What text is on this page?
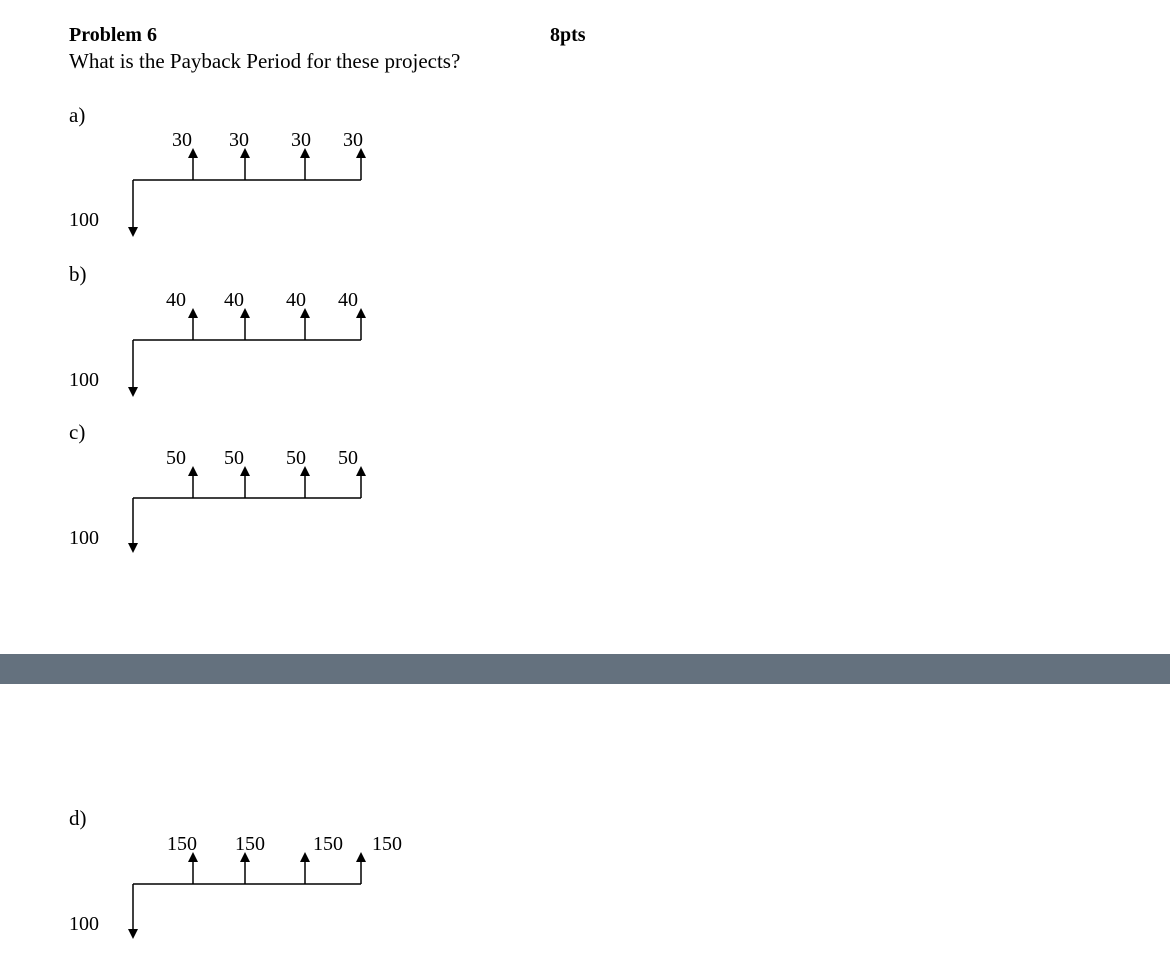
Problem 6	8pts
What is the Payback Period for these projects?
a)
100
30 30 30 30
b)
100
40 40 40 40
c)
100
50 50 50 50
d)
100
150 150 150 150
